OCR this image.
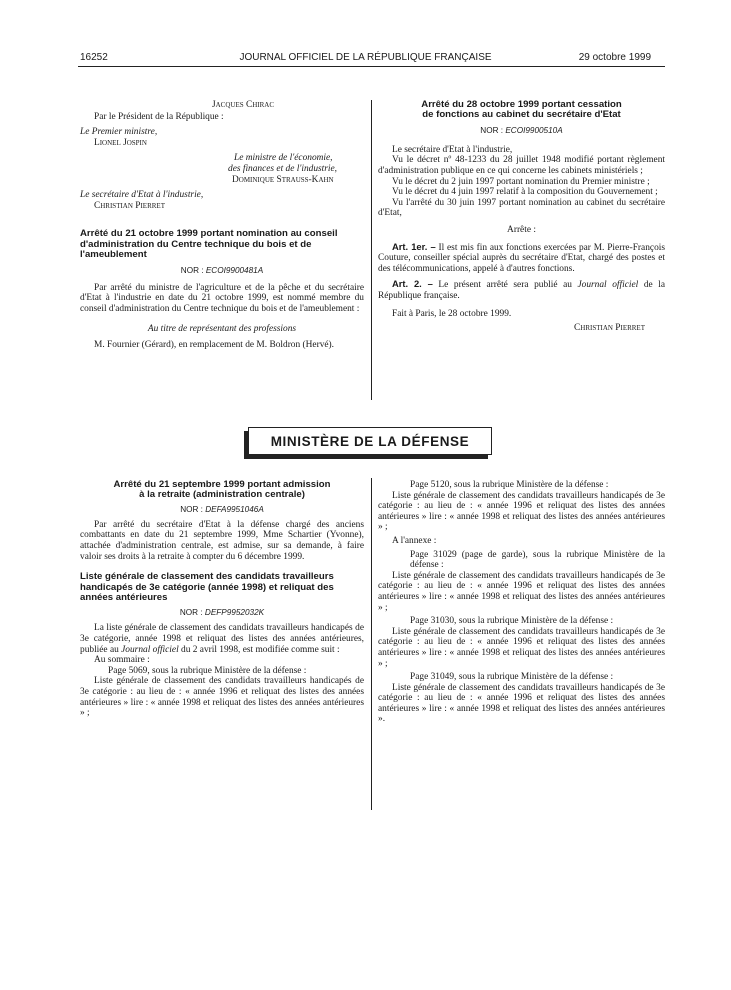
16252	JOURNAL OFFICIEL DE LA RÉPUBLIQUE FRANÇAISE	29 octobre 1999

Jacques Chirac

Par le Président de la République :

Le Premier ministre,

Lionel Jospin

Le ministre de l'économie,

des finances et de l'industrie,

Dominique Strauss-Kahn

Le secrétaire d'Etat à l'industrie,

Christian Pierret

Arrêté du 21 octobre 1999 portant nomination au conseil d'administration du Centre technique du bois et de l'ameublement

NOR : ECOI9900481A

Par arrêté du ministre de l'agriculture et de la pêche et du secrétaire d'Etat à l'industrie en date du 21 octobre 1999, est nommé membre du conseil d'administration du Centre technique du bois et de l'ameublement :

Au titre de représentant des professions

M. Fournier (Gérard), en remplacement de M. Boldron (Hervé).

Arrêté du 28 octobre 1999 portant cessation

de fonctions au cabinet du secrétaire d'Etat

NOR : ECOI9900510A

Le secrétaire d'Etat à l'industrie,

Vu le décret nº 48-1233 du 28 juillet 1948 modifié portant règlement d'administration publique en ce qui concerne les cabinets ministériels ;

Vu le décret du 2 juin 1997 portant nomination du Premier ministre ;

Vu le décret du 4 juin 1997 relatif à la composition du Gouvernement ;

Vu l'arrêté du 30 juin 1997 portant nomination au cabinet du secrétaire d'Etat,

Arrête :

Art. 1er. – Il est mis fin aux fonctions exercées par M. Pierre-François Couture, conseiller spécial auprès du secrétaire d'Etat, chargé des postes et des télécommunications, appelé à d'autres fonctions.

Art. 2. – Le présent arrêté sera publié au Journal officiel de la République française.

Fait à Paris, le 28 octobre 1999.

Christian Pierret

MINISTÈRE DE LA DÉFENSE

Arrêté du 21 septembre 1999 portant admission

à la retraite (administration centrale)

NOR : DEFA9951046A

Par arrêté du secrétaire d'Etat à la défense chargé des anciens combattants en date du 21 septembre 1999, Mme Schartier (Yvonne), attachée d'administration centrale, est admise, sur sa demande, à faire valoir ses droits à la retraite à compter du 6 décembre 1999.

Liste générale de classement des candidats travailleurs handicapés de 3e catégorie (année 1998) et reliquat des années antérieures

NOR : DEFP9952032K

La liste générale de classement des candidats travailleurs handicapés de 3e catégorie, année 1998 et reliquat des listes des années antérieures, publiée au Journal officiel du 2 avril 1998, est modifiée comme suit :

Au sommaire :

Page 5069, sous la rubrique Ministère de la défense :

Liste générale de classement des candidats travailleurs handicapés de 3e catégorie : au lieu de : « année 1996 et reliquat des listes des années antérieures » lire : « année 1998 et reliquat des listes des années antérieures » ;

Page 5120, sous la rubrique Ministère de la défense :

Liste générale de classement des candidats travailleurs handicapés de 3e catégorie : au lieu de : « année 1996 et reliquat des listes des années antérieures » lire : « année 1998 et reliquat des listes des années antérieures » ;

A l'annexe :

Page 31029 (page de garde), sous la rubrique Ministère de la défense :

Liste générale de classement des candidats travailleurs handicapés de 3e catégorie : au lieu de : « année 1996 et reliquat des listes des années antérieures » lire : « année 1998 et reliquat des listes des années antérieures » ;

Page 31030, sous la rubrique Ministère de la défense :

Liste générale de classement des candidats travailleurs handicapés de 3e catégorie : au lieu de : « année 1996 et reliquat des listes des années antérieures » lire : « année 1998 et reliquat des listes des années antérieures » ;

Page 31049, sous la rubrique Ministère de la défense :

Liste générale de classement des candidats travailleurs handicapés de 3e catégorie : au lieu de : « année 1996 et reliquat des listes des années antérieures » lire : « année 1998 et reliquat des listes des années antérieures ».
